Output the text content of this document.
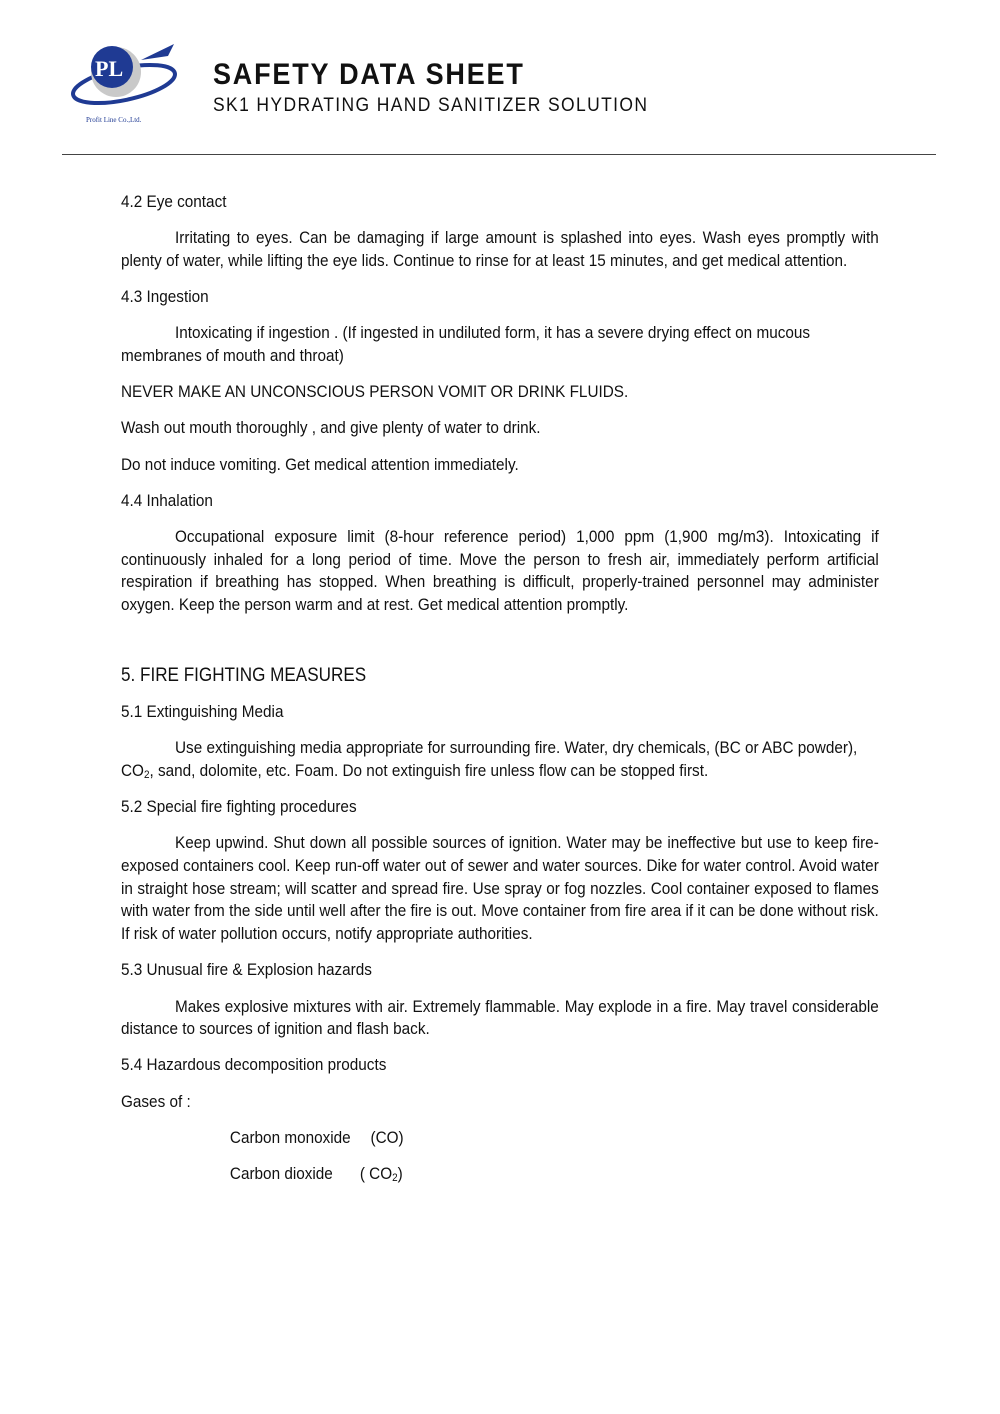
PL
Profit Line Co.,Ltd.
SAFETY DATA SHEET
SK1 HYDRATING HAND SANITIZER SOLUTION

4.2 Eye contact

Irritating to eyes. Can be damaging if large amount is splashed into eyes. Wash eyes promptly with plenty of water, while lifting the eye lids. Continue to rinse for at least 15 minutes, and get medical attention.

4.3 Ingestion

Intoxicating if ingestion . (If ingested in undiluted form, it has a severe drying effect on mucous membranes of mouth and throat)

NEVER MAKE AN UNCONSCIOUS PERSON VOMIT OR DRINK FLUIDS.

Wash out mouth thoroughly , and give plenty of water to drink.

Do not induce vomiting. Get medical attention immediately.

4.4 Inhalation

Occupational exposure limit (8-hour reference period) 1,000 ppm (1,900 mg/m3). Intoxicating if continuously inhaled for a long period of time. Move the person to fresh air, immediately perform artificial respiration if breathing has stopped. When breathing is difficult, properly-trained personnel may administer oxygen. Keep the person warm and at rest. Get medical attention promptly.

5. FIRE FIGHTING MEASURES

5.1 Extinguishing Media

Use extinguishing media appropriate for surrounding fire. Water, dry chemicals, (BC or ABC powder), $CO_2$, sand, dolomite, etc. Foam. Do not extinguish fire unless flow can be stopped first.

5.2 Special fire fighting procedures

Keep upwind. Shut down all possible sources of ignition. Water may be ineffective but use to keep fire-exposed containers cool. Keep run-off water out of sewer and water sources. Dike for water control. Avoid water in straight hose stream; will scatter and spread fire. Use spray or fog nozzles. Cool container exposed to flames with water from the side until well after the fire is out. Move container from fire area if it can be done without risk. If risk of water pollution occurs, notify appropriate authorities.

5.3 Unusual fire & Explosion hazards

Makes explosive mixtures with air. Extremely flammable. May explode in a fire. May travel considerable distance to sources of ignition and flash back.

5.4 Hazardous decomposition products

Gases of :

Carbon monoxide (CO)

Carbon dioxide ( $CO_2$)
